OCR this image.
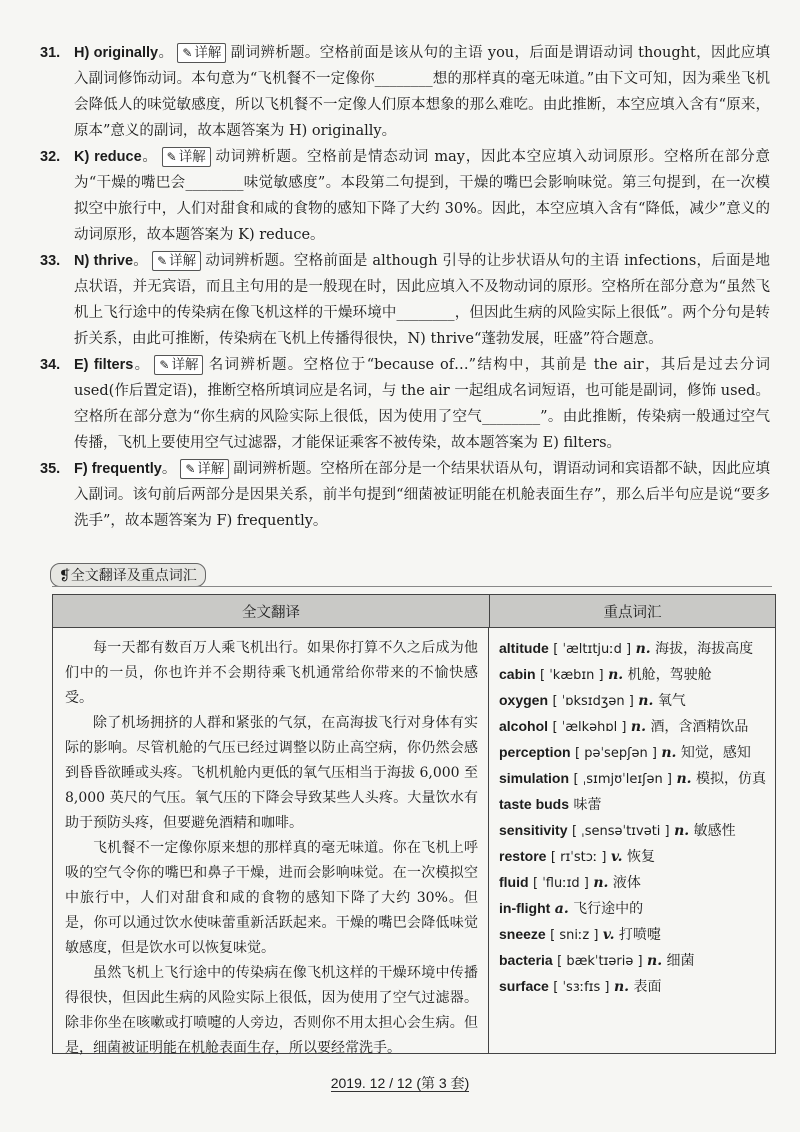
31. H) originally。 ✎ 详解 副词辨析题。空格前面是该从句的主语 you，后面是谓语动词 thought，因此应填入副词修饰动词。本句意为“飞机餐不一定像你________想的那样真的毫无味道。”由下文可知，因为乘坐飞机会降低人的味觉敏感度，所以飞机餐不一定像人们原本想象的那么难吃。由此推断，本空应填入含有“原来，原本”意义的副词，故本题答案为 H) originally。
32. K) reduce。 ✎ 详解 动词辨析题。空格前是情态动词 may，因此本空应填入动词原形。空格所在部分意为“干燥的嘴巴会________味觉敏感度”。本段第二句提到，干燥的嘴巴会影响味觉。第三句提到，在一次模拟空中旅行中，人们对甜食和咸的食物的感知下降了大约 30%。因此，本空应填入含有“降低，减少”意义的动词原形，故本题答案为 K) reduce。
33. N) thrive。 ✎ 详解 动词辨析题。空格前面是 although 引导的让步状语从句的主语 infections，后面是地点状语，并无宾语，而且主句用的是一般现在时，因此应填入不及物动词的原形。空格所在部分意为“虽然飞机上飞行途中的传染病在像飞机这样的干燥环境中________，但因此生病的风险实际上很低”。两个分句是转折关系，由此可推断，传染病在飞机上传播得很快，N) thrive“蓬勃发展，旺盛”符合题意。
34. E) filters。 ✎ 详解 名词辨析题。空格位于“because of…”结构中，其前是 the air，其后是过去分词 used(作后置定语)，推断空格所填词应是名词，与 the air 一起组成名词短语，也可能是副词，修饰 used。空格所在部分意为“你生病的风险实际上很低，因为使用了空气________”。由此推断，传染病一般通过空气传播，飞机上要使用空气过滤器，才能保证乘客不被传染，故本题答案为 E) filters。
35. F) frequently。 ✎ 详解 副词辨析题。空格所在部分是一个结果状语从句，谓语动词和宾语都不缺，因此应填入副词。该句前后两部分是因果关系，前半句提到“细菌被证明能在机舱表面生存”，那么后半句应是说“要多洗手”，故本题答案为 F) frequently。
❡全文翻译及重点词汇
全文翻译	重点词汇

每一天都有数百万人乘飞机出行。如果你打算不久之后成为他们中的一员，你也许并不会期待乘飞机通常给你带来的不愉快感受。

除了机场拥挤的人群和紧张的气氛，在高海拔飞行对身体有实际的影响。尽管机舱的气压已经过调整以防止高空病，你仍然会感到昏昏欲睡或头疼。飞机机舱内更低的氧气压相当于海拔 6,000 至 8,000 英尺的气压。氧气压的下降会导致某些人头疼。大量饮水有助于预防头疼，但要避免酒精和咖啡。

飞机餐不一定像你原来想的那样真的毫无味道。你在飞机上呼吸的空气令你的嘴巴和鼻子干燥，进而会影响味觉。在一次模拟空中旅行中，人们对甜食和咸的食物的感知下降了大约 30%。但是，你可以通过饮水使味蕾重新活跃起来。干燥的嘴巴会降低味觉敏感度，但是饮水可以恢复味觉。

虽然飞机上飞行途中的传染病在像飞机这样的干燥环境中传播得很快，但因此生病的风险实际上很低，因为使用了空气过滤器。除非你坐在咳嗽或打喷嚏的人旁边，否则你不用太担心会生病。但是，细菌被证明能在机舱表面生存，所以要经常洗手。

altitude [ ˈæltɪtjuːd ] n. 海拔，海拔高度
cabin [ ˈkæbɪn ] n. 机舱，驾驶舱
oxygen [ ˈɒksɪdʒən ] n. 氧气
alcohol [ ˈælkəhɒl ] n. 酒，含酒精饮品
perception [ pəˈsepʃən ] n. 知觉，感知
simulation [ ˌsɪmjʊˈleɪʃən ] n. 模拟，仿真
taste buds 味蕾
sensitivity [ ˌsensəˈtɪvəti ] n. 敏感性
restore [ rɪˈstɔː ] v. 恢复
fluid [ ˈfluːɪd ] n. 液体
in-flight a. 飞行途中的
sneeze [ sniːz ] v. 打喷嚏
bacteria [ bækˈtɪəriə ] n. 细菌
surface [ ˈsɜːfɪs ] n. 表面
2019. 12 / 12 (第 3 套)
